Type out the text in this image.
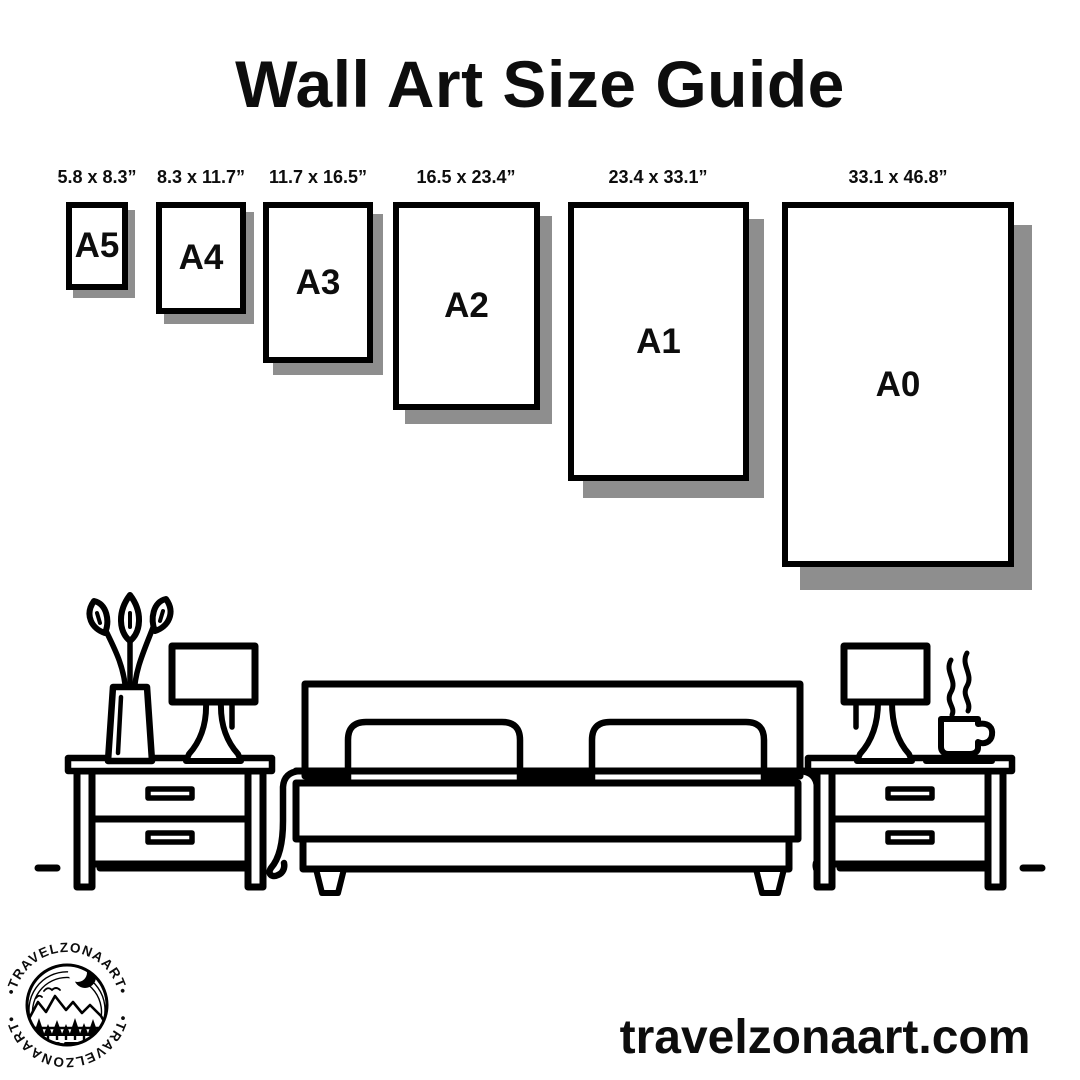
Wall Art Size Guide
5.8 x 8.3”	8.3 x 11.7”	11.7 x 16.5”	16.5 x 23.4”	23.4 x 33.1”	33.1 x 46.8”
A5 A4
A3
A2
A1
A0
•TRAVELZONAART•
•TRAVELZONAART•	travelzonaart.com
